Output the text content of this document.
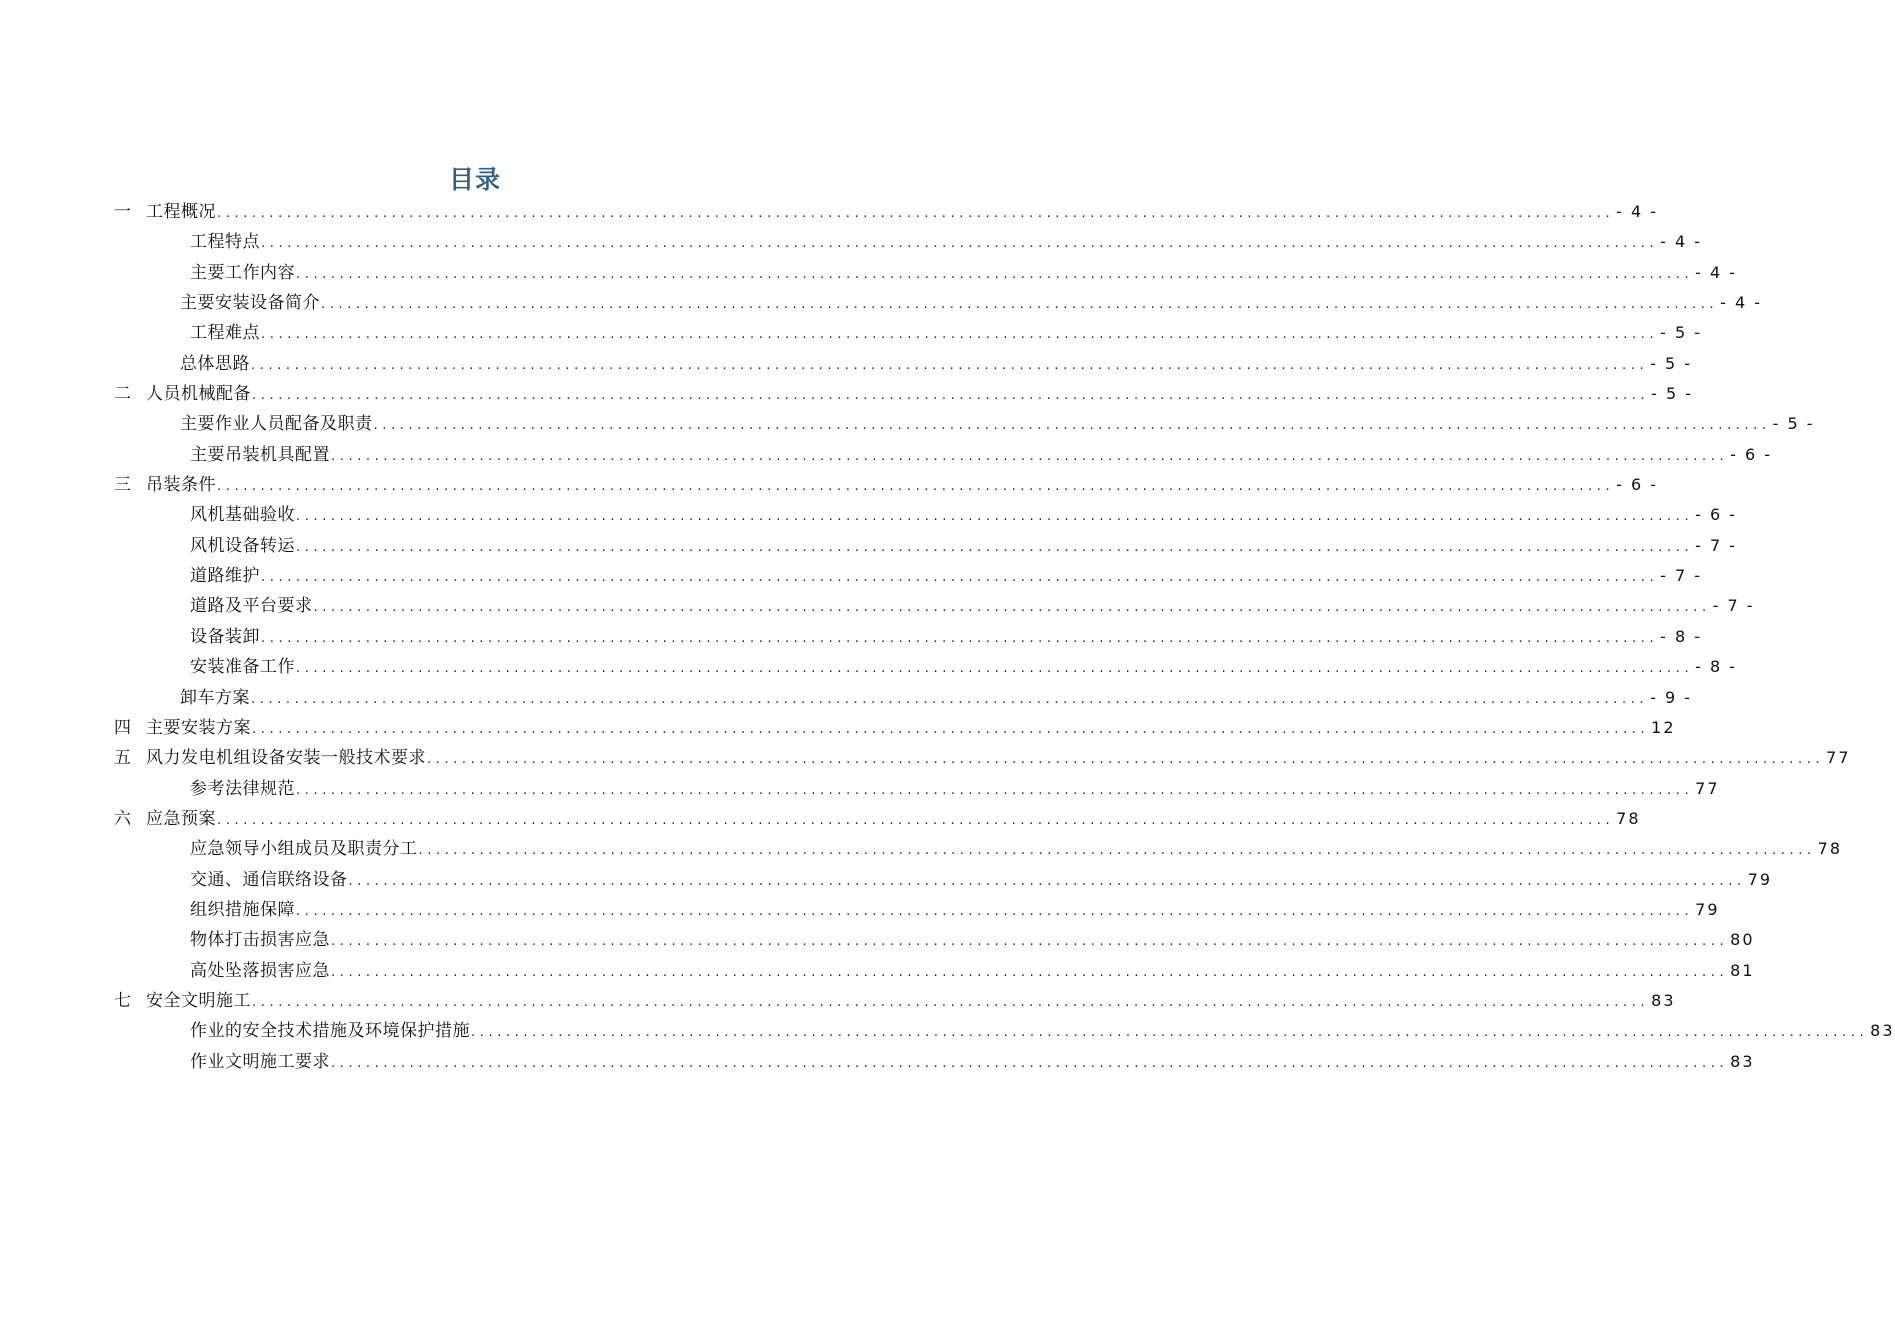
目录
一 工程概况 ................................................................................................................................................................ - 4 -
工程特点 ................................................................................................................................................................ - 4 -
主要工作内容 ................................................................................................................................................................ - 4 -
主要安装设备简介 ................................................................................................................................................................ - 4 -
工程难点 ................................................................................................................................................................ - 5 -
总体思路 ................................................................................................................................................................ - 5 -
二 人员机械配备 ................................................................................................................................................................ - 5 -
主要作业人员配备及职责 ................................................................................................................................................................ - 5 -
主要吊装机具配置 ................................................................................................................................................................ - 6 -
三 吊装条件 ................................................................................................................................................................ - 6 -
风机基础验收 ................................................................................................................................................................ - 6 -
风机设备转运 ................................................................................................................................................................ - 7 -
道路维护 ................................................................................................................................................................ - 7 -
道路及平台要求 ................................................................................................................................................................ - 7 -
设备装卸 ................................................................................................................................................................ - 8 -
安装准备工作 ................................................................................................................................................................ - 8 -
卸车方案 ................................................................................................................................................................ - 9 -
四 主要安装方案 ................................................................................................................................................................ 12
五 风力发电机组设备安装一般技术要求 ................................................................................................................................................................ 77
参考法律规范 ................................................................................................................................................................ 77
六 应急预案 ................................................................................................................................................................ 78
应急领导小组成员及职责分工 ................................................................................................................................................................ 78
交通、通信联络设备 ................................................................................................................................................................ 79
组织措施保障 ................................................................................................................................................................ 79
物体打击损害应急 ................................................................................................................................................................ 80
高处坠落损害应急 ................................................................................................................................................................ 81
七 安全文明施工 ................................................................................................................................................................ 83
作业的安全技术措施及环境保护措施 ................................................................................................................................................................ 83
作业文明施工要求 ................................................................................................................................................................ 83
